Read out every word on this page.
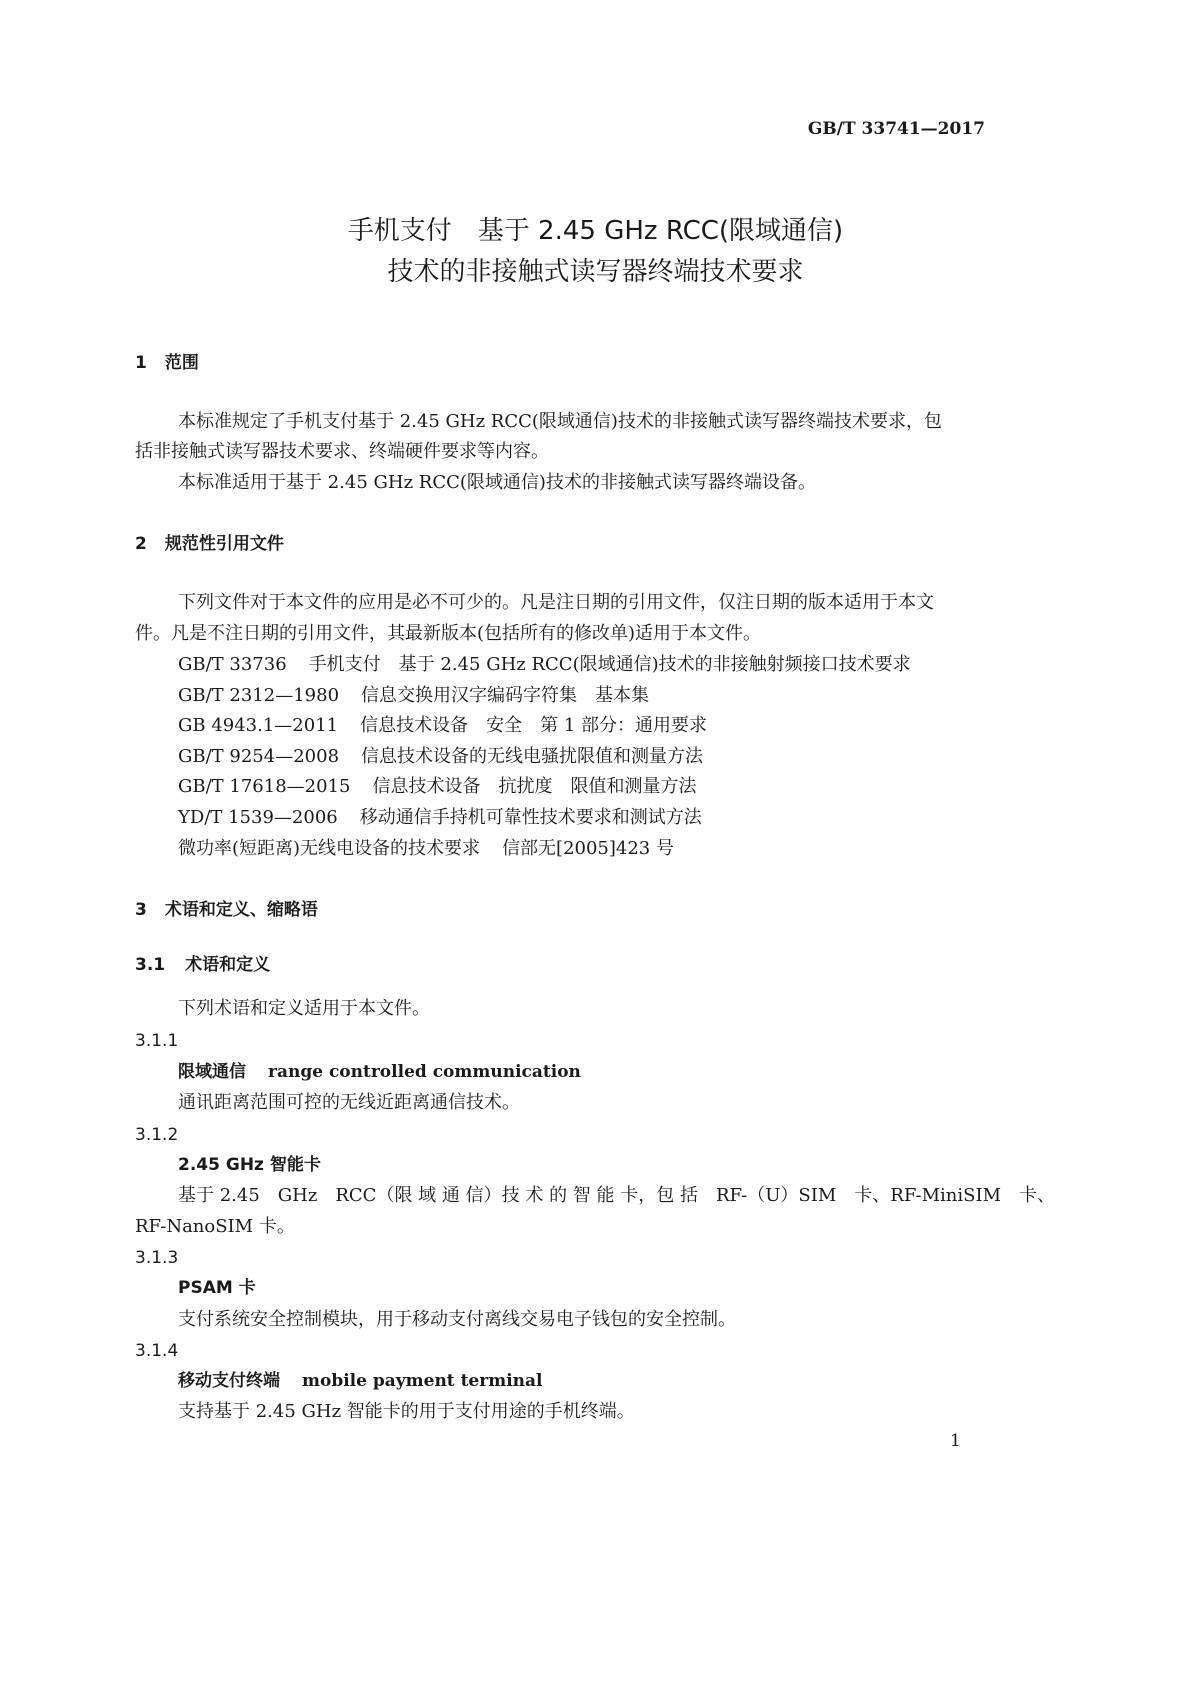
GB/T 33741—2017
手机支付　基于 2.45 GHz RCC(限域通信)
技术的非接触式读写器终端技术要求
1 范围
本标准规定了手机支付基于 2.45 GHz RCC(限域通信)技术的非接触式读写器终端技术要求，包
括非接触式读写器技术要求、终端硬件要求等内容。
本标准适用于基于 2.45 GHz RCC(限域通信)技术的非接触式读写器终端设备。
2 规范性引用文件
下列文件对于本文件的应用是必不可少的。凡是注日期的引用文件，仅注日期的版本适用于本文
件。凡是不注日期的引用文件，其最新版本(包括所有的修改单)适用于本文件。
GB/T 33736 手机支付　基于 2.45 GHz RCC(限域通信)技术的非接触射频接口技术要求
GB/T 2312—1980 信息交换用汉字编码字符集　基本集
GB 4943.1—2011 信息技术设备　安全　第 1 部分：通用要求
GB/T 9254—2008 信息技术设备的无线电骚扰限值和测量方法
GB/T 17618—2015 信息技术设备　抗扰度　限值和测量方法
YD/T 1539—2006 移动通信手持机可靠性技术要求和测试方法
微功率(短距离)无线电设备的技术要求 信部无[2005]423 号
3 术语和定义、缩略语
3.1 术语和定义
下列术语和定义适用于本文件。
3.1.1
限域通信 range controlled communication
通讯距离范围可控的无线近距离通信技术。
3.1.2
2.45 GHz 智能卡
基于 2.45　GHz　RCC（限 域 通 信）技 术 的 智 能 卡，包 括　RF-（U）SIM　卡、RF-MiniSIM　卡、
RF-NanoSIM 卡。
3.1.3
PSAM 卡
支付系统安全控制模块，用于移动支付离线交易电子钱包的安全控制。
3.1.4
移动支付终端 mobile payment terminal
支持基于 2.45 GHz 智能卡的用于支付用途的手机终端。
1
